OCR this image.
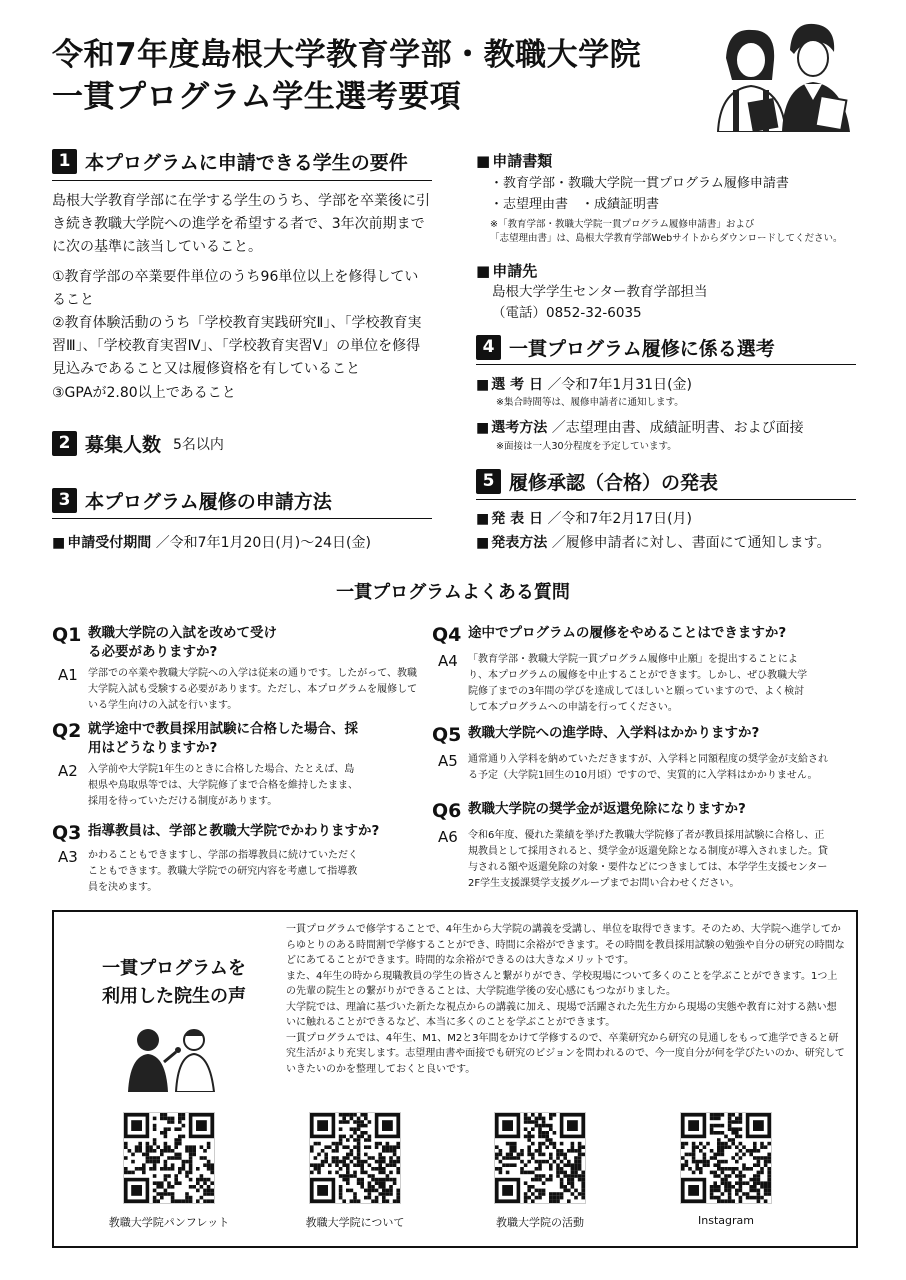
令和7年度島根大学教育学部・教職大学院
一貫プログラム学生選考要項
1 本プログラムに申請できる学生の要件
島根大学教育学部に在学する学生のうち、学部を卒業後に引き続き教職大学院への進学を希望する者で、3年次前期までに次の基準に該当していること。
①教育学部の卒業要件単位のうち96単位以上を修得していること
②教育体験活動のうち「学校教育実践研究Ⅱ」、「学校教育実習Ⅲ」、「学校教育実習Ⅳ」、「学校教育実習Ⅴ」の単位を修得見込みであること又は履修資格を有していること
③GPAが2.80以上であること
2 募集人数 5名以内
3 本プログラム履修の申請方法
■ 申請受付期間 ／令和7年1月20日(月)～24日(金)
■ 申請書類
・教育学部・教職大学院一貫プログラム履修申請書
・志望理由書　・成績証明書
※「教育学部・教職大学院一貫プログラム履修申請書」および
「志望理由書」は、島根大学教育学部Webサイトからダウンロードしてください。
■ 申請先
島根大学学生センター教育学部担当
（電話）0852-32-6035
4 一貫プログラム履修に係る選考
■ 選 考 日 ／令和7年1月31日(金)
※集合時間等は、履修申請者に通知します。
■ 選考方法 ／志望理由書、成績証明書、および面接
※面接は一人30分程度を予定しています。
5 履修承認（合格）の発表
■ 発 表 日 ／令和7年2月17日(月)
■ 発表方法 ／履修申請者に対し、書面にて通知します。
一貫プログラムよくある質問
Q1 教職大学院の入試を改めて受ける必要がありますか?
A1	学部での卒業や教職大学院への入学は従来の通りです。したがって、教職大学院入試も受験する必要があります。ただし、本プログラムを履修している学生向けの入試を行います。
Q2 就学途中で教員採用試験に合格した場合、採用はどうなりますか?
A2	入学前や大学院1年生のときに合格した場合、たとえば、島根県や鳥取県等では、大学院修了まで合格を維持したまま、採用を待っていただける制度があります。
Q3 指導教員は、学部と教職大学院でかわりますか?
A3	かわることもできますし、学部の指導教員に続けていただくこともできます。教職大学院での研究内容を考慮して指導教員を決めます。
Q4 途中でプログラムの履修をやめることはできますか?
A4	「教育学部・教職大学院一貫プログラム履修中止願」を提出することにより、本プログラムの履修を中止することができます。しかし、ぜひ教職大学院修了までの3年間の学びを達成してほしいと願っていますので、よく検討して本プログラムへの申請を行ってください。
Q5 教職大学院への進学時、入学料はかかりますか?
A5	通常通り入学料を納めていただきますが、入学料と同額程度の奨学金が支給される予定（大学院1回生の10月頃）ですので、実質的に入学料はかかりません。
Q6 教職大学院の奨学金が返還免除になりますか?
A6	令和6年度、優れた業績を挙げた教職大学院修了者が教員採用試験に合格し、正規教員として採用されると、奨学金が返還免除となる制度が導入されました。貸与される額や返還免除の対象・要件などにつきましては、本学学生支援センター2F学生支援課奨学支援グループまでお問い合わせください。
一貫プログラムを
利用した院生の声
一貫プログラムで修学することで、4年生から大学院の講義を受講し、単位を取得できます。そのため、大学院へ進学してからゆとりのある時間割で学修することができ、時間に余裕ができます。その時間を教員採用試験の勉強や自分の研究の時間などにあてることができます。時間的な余裕ができるのは大きなメリットです。
また、4年生の時から現職教員の学生の皆さんと繋がりができ、学校現場について多くのことを学ぶことができます。1つ上の先輩の院生との繋がりができることは、大学院進学後の安心感にもつながりました。
大学院では、理論に基づいた新たな視点からの講義に加え、現場で活躍された先生方から現場の実態や教育に対する熱い想いに触れることができるなど、本当に多くのことを学ぶことができます。
一貫プログラムでは、4年生、M1、M2と3年間をかけて学修するので、卒業研究から研究の見通しをもって進学できると研究生活がより充実します。志望理由書や面接でも研究のビジョンを問われるので、今一度自分が何を学びたいのか、研究していきたいのかを整理しておくと良いです。
教職大学院パンフレット	教職大学院について	教職大学院の活動	Instagram
